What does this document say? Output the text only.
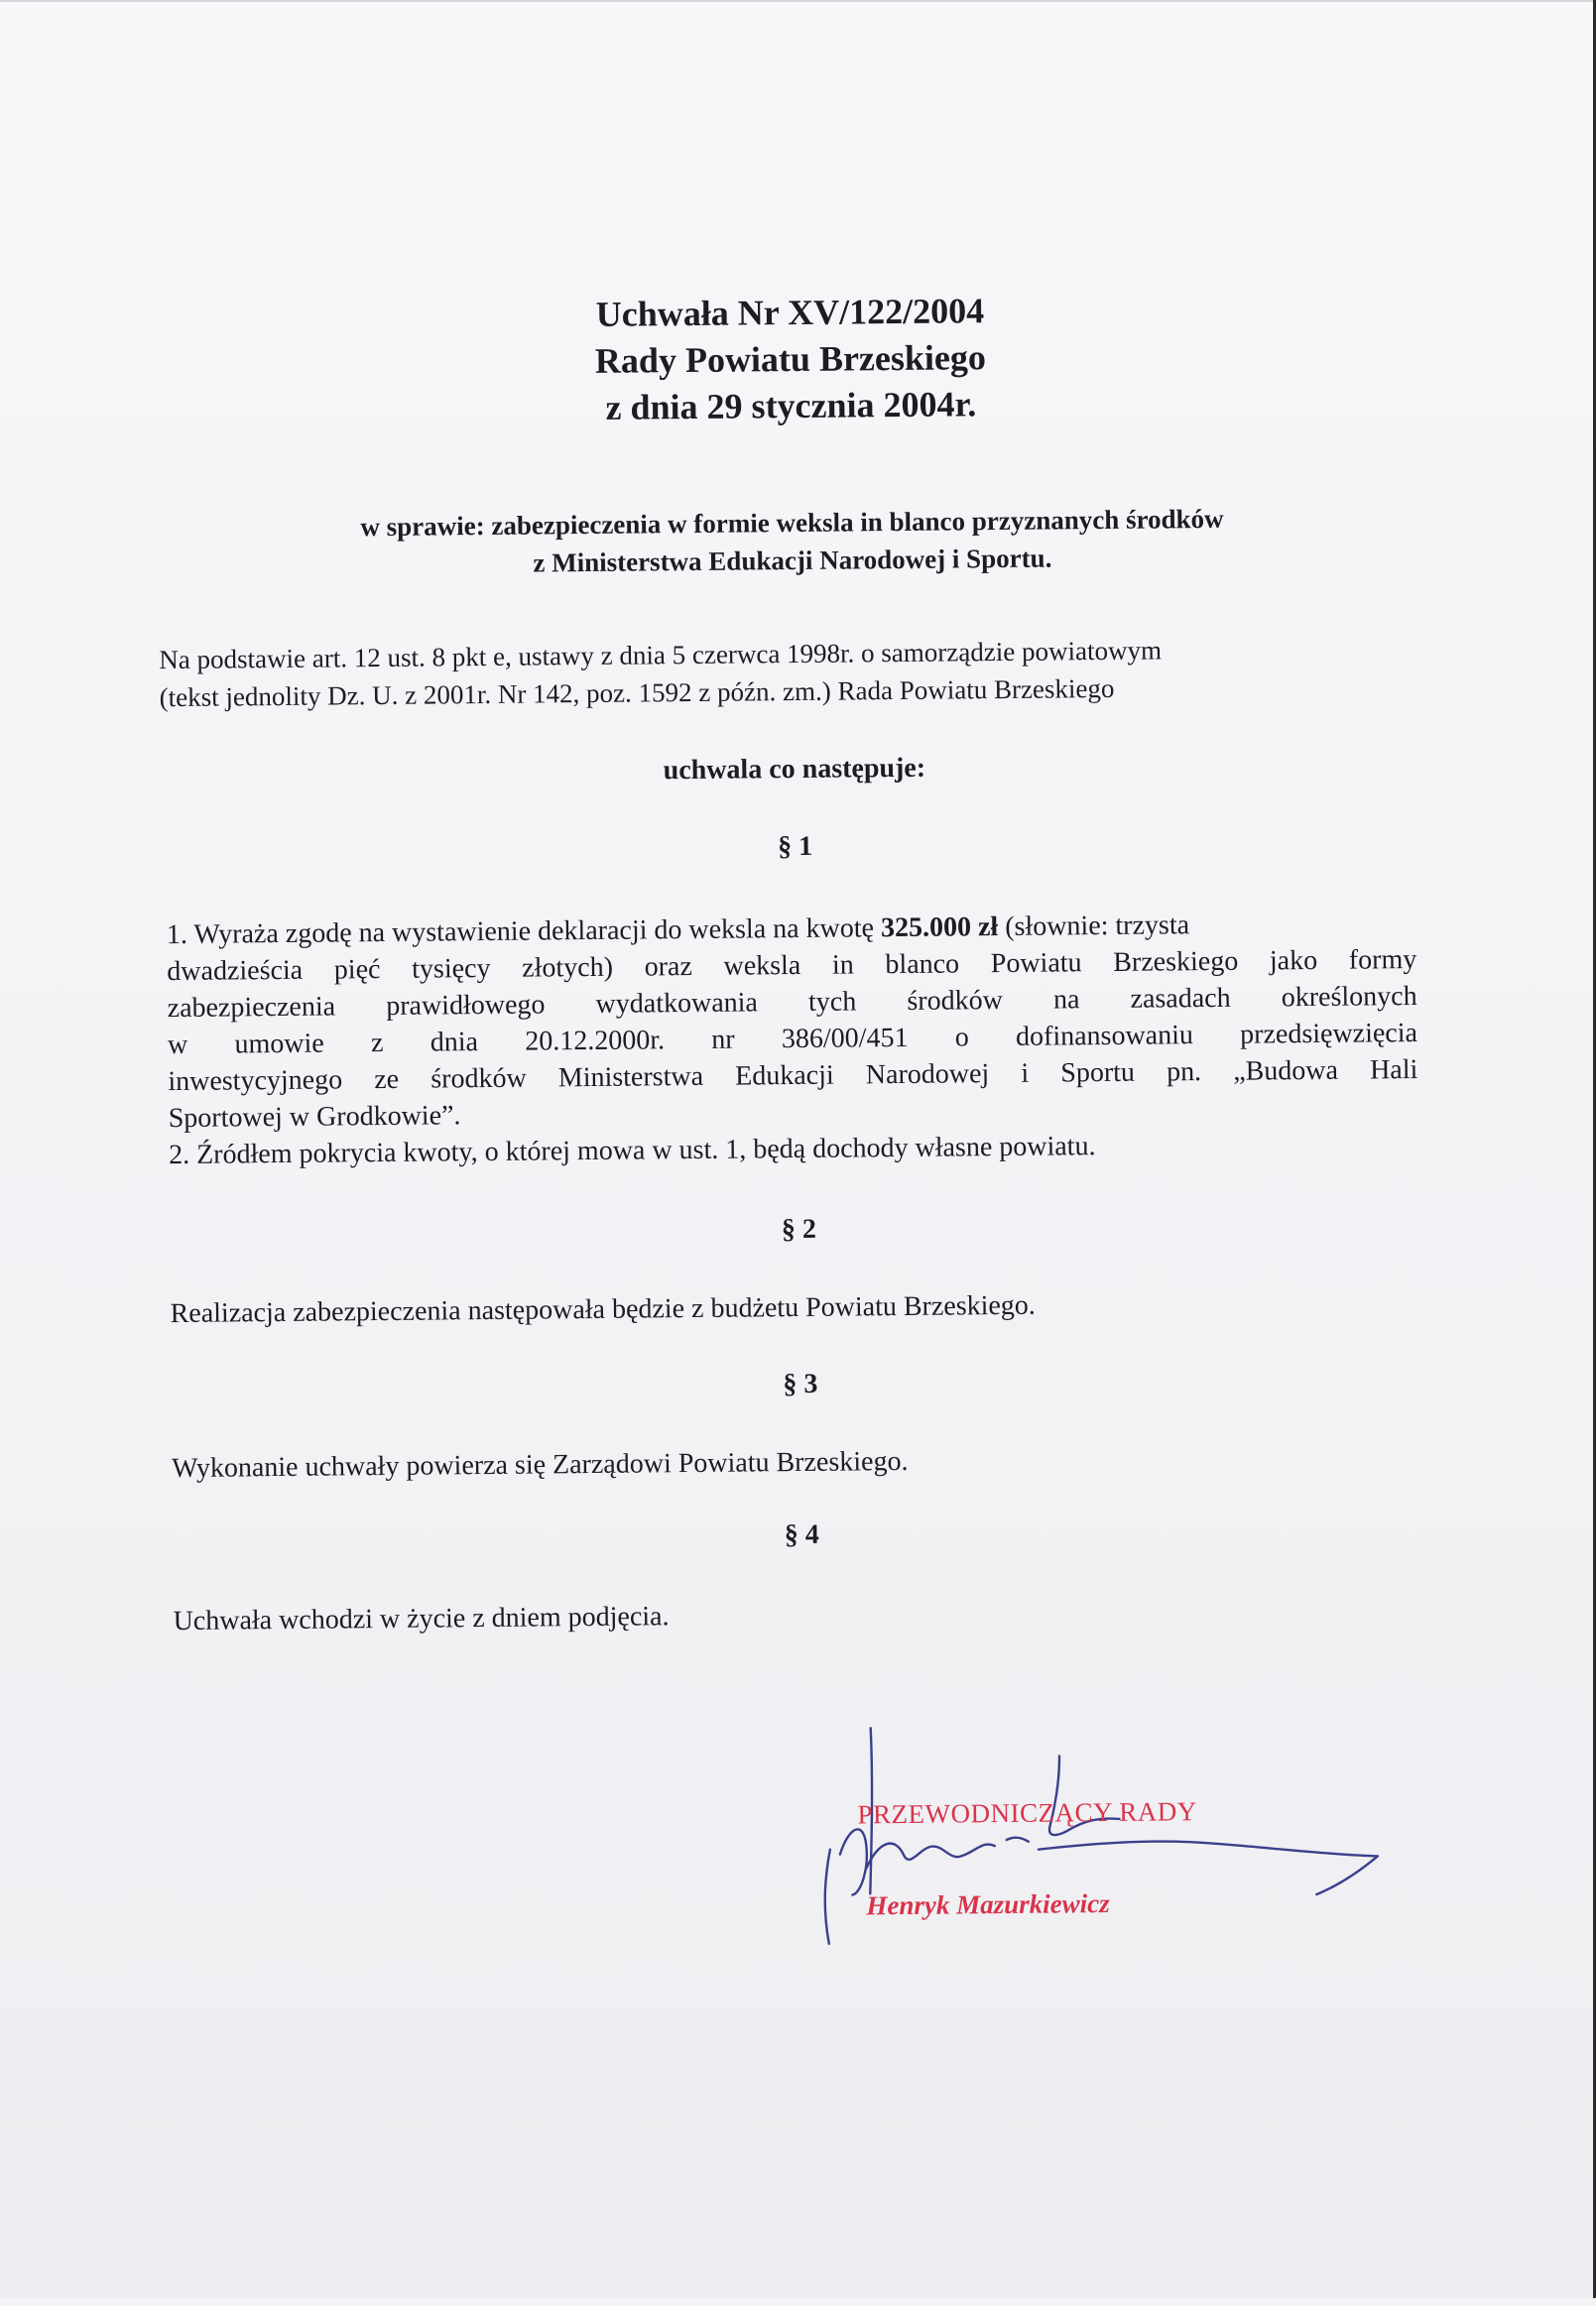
Uchwała Nr XV/122/2004
Rady Powiatu Brzeskiego
z dnia 29 stycznia 2004r.
w sprawie: zabezpieczenia w formie weksla in blanco przyznanych środków
z Ministerstwa Edukacji Narodowej i Sportu.
Na podstawie art. 12 ust. 8 pkt e, ustawy z dnia 5 czerwca 1998r. o samorządzie powiatowym
(tekst jednolity Dz. U. z 2001r. Nr 142, poz. 1592 z późn. zm.) Rada Powiatu Brzeskiego
uchwala co następuje:
§ 1
1. Wyraża zgodę na wystawienie deklaracji do weksla na kwotę 325.000 zł (słownie: trzysta
dwadzieścia pięć tysięcy złotych) oraz weksla in blanco Powiatu Brzeskiego jako formy
zabezpieczenia prawidłowego wydatkowania tych środków na zasadach określonych
w umowie z dnia 20.12.2000r. nr 386/00/451 o dofinansowaniu przedsięwzięcia
inwestycyjnego ze środków Ministerstwa Edukacji Narodowej i Sportu pn. „Budowa Hali
Sportowej w Grodkowie”.
2. Źródłem pokrycia kwoty, o której mowa w ust. 1, będą dochody własne powiatu.
§ 2
Realizacja zabezpieczenia następowała będzie z budżetu Powiatu Brzeskiego.
§ 3
Wykonanie uchwały powierza się Zarządowi Powiatu Brzeskiego.
§ 4
Uchwała wchodzi w życie z dniem podjęcia.
PRZEWODNICZĄCY RADY
Henryk Mazurkiewicz
